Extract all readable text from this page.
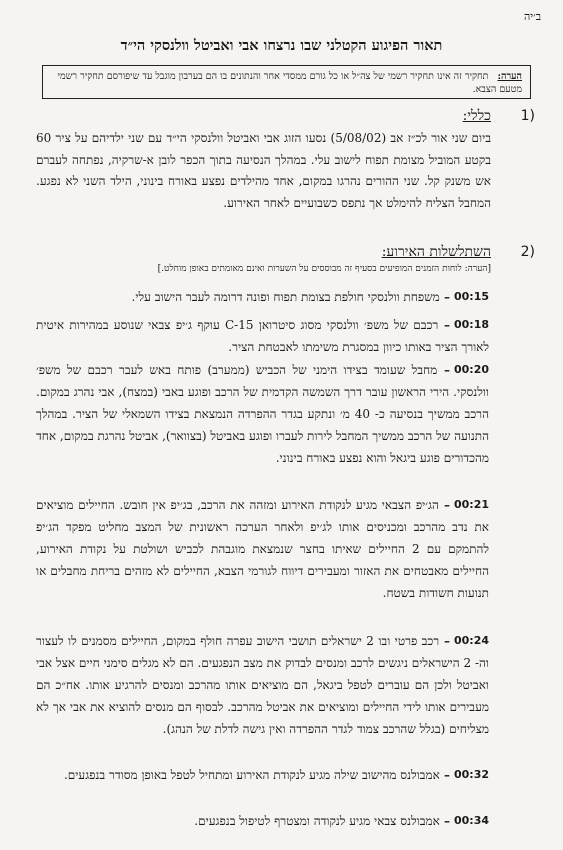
ב׳יה
תאור הפיגוע הקטלני שבו נרצחו אבי ואביטל וולנסקי הי״ד
הערה: תחקיר זה אינו תחקיר רשמי של צה״ל או כל גורם ממסדי אחר והנתונים בו הם בערבון מוגבל עד שיפורסם תחקיר רשמי מטעם הצבא.
1)
כללי:
ביום שני אור לכ״ז אב (5/08/02) נסעו הזוג אבי ואביטל וולנסקי הי״ד עם שני ילדיהם על ציר 60 בקטע המוביל מצומת תפוח לישוב עלי. במהלך הנסיעה בתוך הכפר לובן א-שרקיה, נפתחה לעברם אש משנק קל. שני ההורים נהרגו במקום, אחד מהילדים נפצע באורח בינוני, הילד השני לא נפגע. המחבל הצליח להימלט אך נתפס כשבועיים לאחר האירוע.
2)
השתלשלות האירוע:
[הערה: לוחות הזמנים המופיעים בסעיף זה מבוססים על השערות ואינם מאומתים באופן מוחלט.]
00:15
– משפחת וולנסקי חולפת בצומת תפוח ופונה דרומה לעבר הישוב עלי.
00:18
– רכבם של משפ׳ וולנסקי מסוג סיטרואן C-15 עוקף ג׳יפ צבאי שנוסע במהירות איטית לאורך הציר באותו כיוון במסגרת משימתו לאבטחת הציר.
00:20
– מחבל שעומד בצידו הימני של הכביש (ממערב) פותח באש לעבר רכבם של משפ׳ וולנסקי. הירי הראשון עובר דרך השמשה הקדמית של הרכב ופוגע באבי (במצח), אבי נהרג במקום. הרכב ממשיך בנסיעה כ- 40 מ׳ ונתקע בגדר ההפרדה הנמצאת בצידו השמאלי של הציר. במהלך התנועה של הרכב ממשיך המחבל לירות לעברו ופוגע באביטל (בצוואר), אביטל נהרגת במקום, אחד מהכדורים פוגע ביגאל והוא נפצע באורח בינוני.
00:21
– הג׳יפ הצבאי מגיע לנקודת האירוע ומזהה את הרכב, בג׳יפ אין חובש. החיילים מוציאים את נדב מהרכב ומכניסים אותו לג׳יפ ולאחר הערכה ראשונית של המצב מחליט מפקד הג׳יפ להתמקם עם 2 החיילים שאיתו בחצר שנמצאת מוגבהת לכביש ושולטת על נקודת האירוע, החיילים מאבטחים את האזור ומעבירים דיווח לגורמי הצבא, החיילים לא מזהים בריחת מחבלים או תנועות חשודות בשטח.
00:24
– רכב פרטי ובו 2 ישראלים תושבי הישוב עפרה חולף במקום, החיילים מסמנים לו לעצור וה- 2 הישראלים ניגשים לרכב ומנסים לבדוק את מצב הנפגעים. הם לא מגלים סימני חיים אצל אבי ואביטל ולכן הם עוברים לטפל ביגאל, הם מוציאים אותו מהרכב ומנסים להרגיע אותו. אח״כ הם מעבירים אותו לידי החיילים ומוציאים את אביטל מהרכב. לבסוף הם מנסים להוציא את אבי אך לא מצליחים (בגלל שהרכב צמוד לגדר ההפרדה ואין גישה לדלת של הנהג).
00:32
– אמבולנס מהישוב שילה מגיע לנקודת האירוע ומתחיל לטפל באופן מסודר בנפגעים.
00:34
– אמבולנס צבאי מגיע לנקודה ומצטרף לטיפול בנפגעים.
